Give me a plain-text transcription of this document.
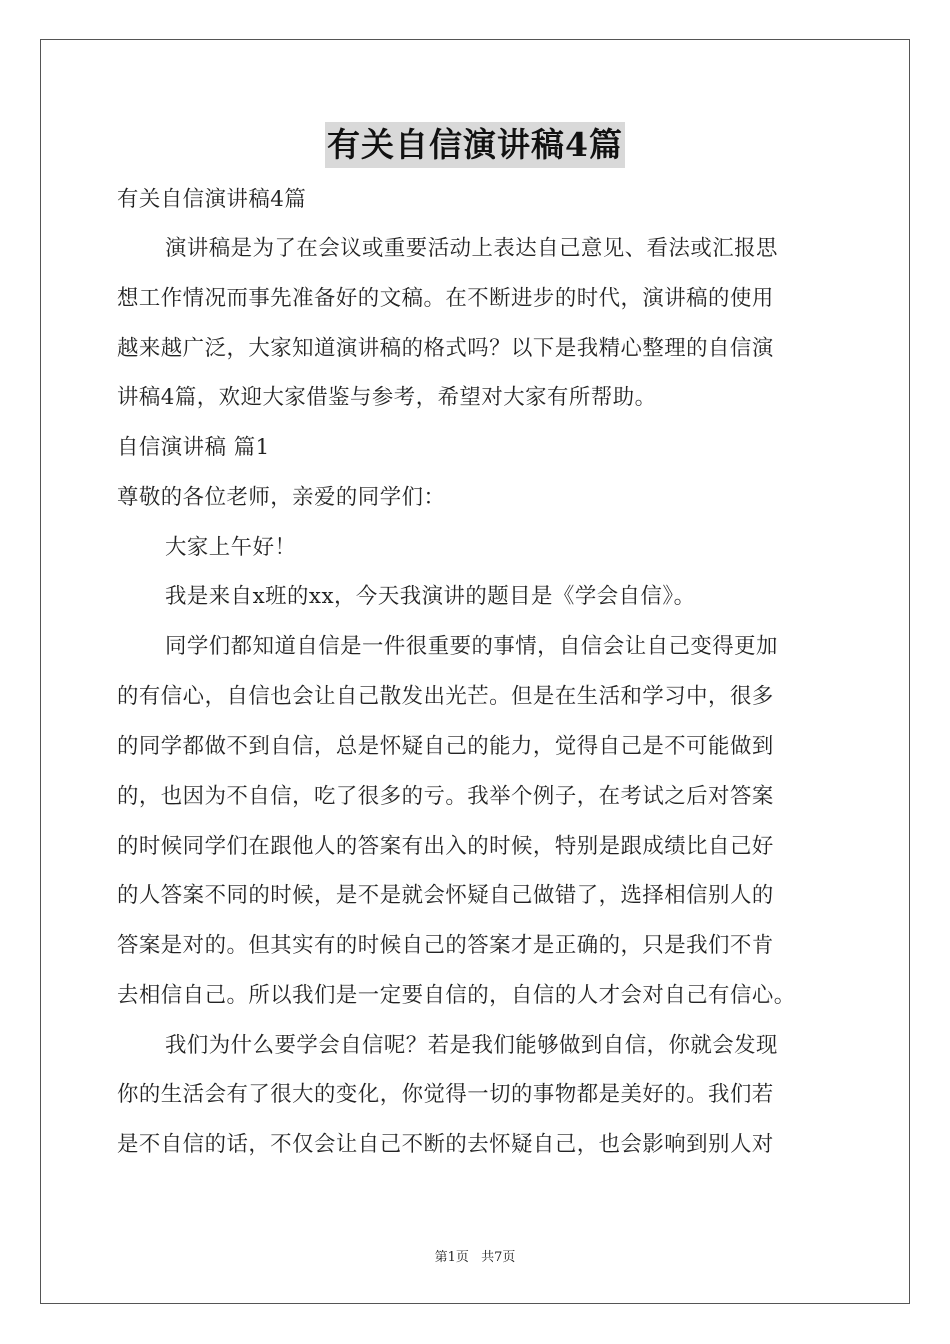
有关自信演讲稿4篇
有关自信演讲稿4篇
演讲稿是为了在会议或重要活动上表达自己意见、看法或汇报思
想工作情况而事先准备好的文稿。在不断进步的时代，演讲稿的使用
越来越广泛，大家知道演讲稿的格式吗？以下是我精心整理的自信演
讲稿4篇，欢迎大家借鉴与参考，希望对大家有所帮助。
自信演讲稿 篇1
尊敬的各位老师，亲爱的同学们：
大家上午好！
我是来自x班的xx，今天我演讲的题目是《学会自信》。
同学们都知道自信是一件很重要的事情，自信会让自己变得更加
的有信心，自信也会让自己散发出光芒。但是在生活和学习中，很多
的同学都做不到自信，总是怀疑自己的能力，觉得自己是不可能做到
的，也因为不自信，吃了很多的亏。我举个例子，在考试之后对答案
的时候同学们在跟他人的答案有出入的时候，特别是跟成绩比自己好
的人答案不同的时候，是不是就会怀疑自己做错了，选择相信别人的
答案是对的。但其实有的时候自己的答案才是正确的，只是我们不肯
去相信自己。所以我们是一定要自信的，自信的人才会对自己有信心。
我们为什么要学会自信呢？若是我们能够做到自信，你就会发现
你的生活会有了很大的变化，你觉得一切的事物都是美好的。我们若
是不自信的话，不仅会让自己不断的去怀疑自己，也会影响到别人对
第1页 共7页
